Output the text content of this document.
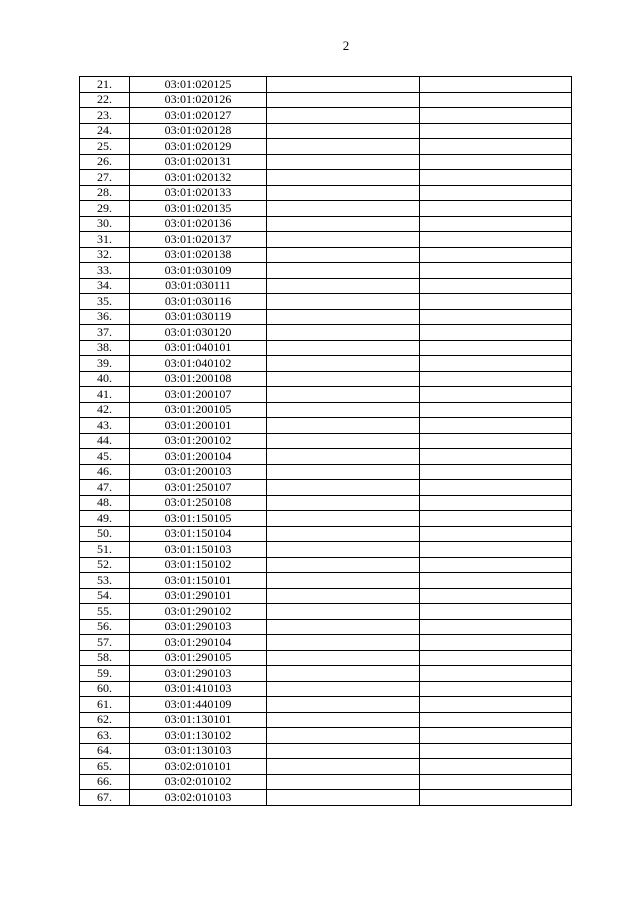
2
21.	03:01:020125		
22.	03:01:020126		
23.	03:01:020127		
24.	03:01:020128		
25.	03:01:020129		
26.	03:01:020131		
27.	03:01:020132		
28.	03:01:020133		
29.	03:01:020135		
30.	03:01:020136		
31.	03:01:020137		
32.	03:01:020138		
33.	03:01:030109		
34.	03:01:030111		
35.	03:01:030116		
36.	03:01:030119		
37.	03:01:030120		
38.	03:01:040101		
39.	03:01:040102		
40.	03:01:200108		
41.	03:01:200107		
42.	03:01:200105		
43.	03:01:200101		
44.	03:01:200102		
45.	03:01:200104		
46.	03:01:200103		
47.	03:01:250107		
48.	03:01:250108		
49.	03:01:150105		
50.	03:01:150104		
51.	03:01:150103		
52.	03:01:150102		
53.	03:01:150101		
54.	03:01:290101		
55.	03:01:290102		
56.	03:01:290103		
57.	03:01:290104		
58.	03:01:290105		
59.	03:01:290103		
60.	03:01:410103		
61.	03:01:440109		
62.	03:01:130101		
63.	03:01:130102		
64.	03:01:130103		
65.	03:02:010101		
66.	03:02:010102		
67.	03:02:010103		
